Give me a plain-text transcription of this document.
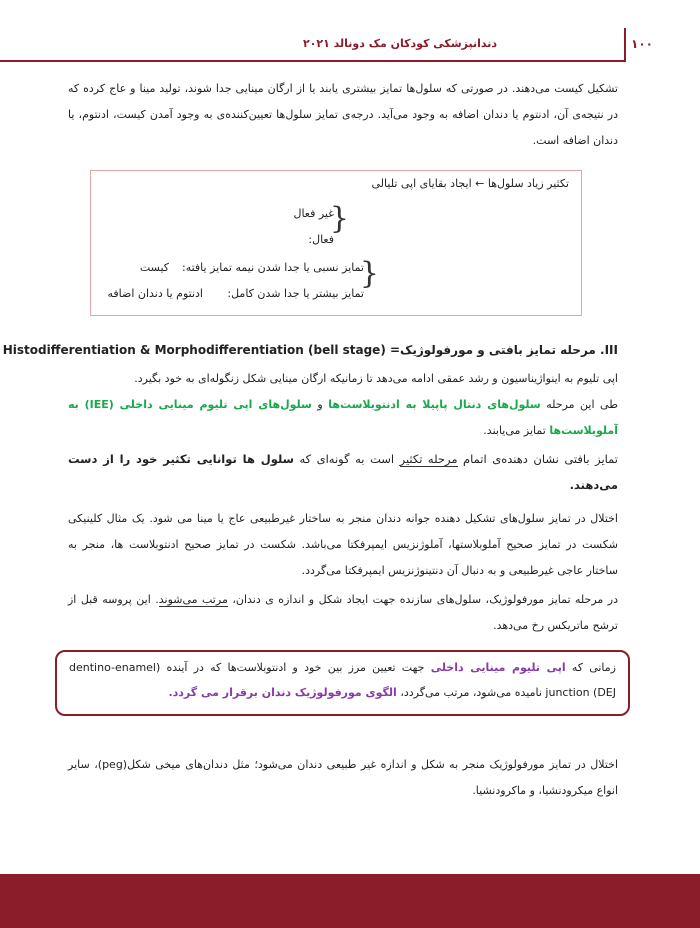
دندانپزشکی کودکان مک دونالد ۲۰۲۱	۱۰۰
تشکیل کیست می‌دهند. در صورتی که سلول‌ها تمایز بیشتری یابند یا از ارگان مینایی جدا شوند، تولید مینا و عاج کرده که در نتیجه‌ی آن، ادنتوم یا دندان اضافه به وجود می‌آید. درجه‌ی تمایز سلول‌ها تعیین‌کننده‌ی به وجود آمدن کیست، ادنتوم، یا دندان اضافه است.
تکثیر زیاد سلول‌ها ← ایجاد بقایای اپی تلیالی
{
غیر فعال
فعال:
{
تمایز نسبی یا جدا شدن نیمه تمایز یافته:
کیست
تمایز بیشتر یا جدا شدن کامل:
ادنتوم یا دندان اضافه
III. مرحله تمایز بافتی و مورفولوژیک= Histodifferentiation & Morphodifferentiation (bell stage)
اپی تلیوم به اینواژیناسیون و رشد عمقی ادامه می‌دهد تا زمانیکه ارگان مینایی شکل زنگوله‌ای به خود بگیرد.
طی این مرحله سلول‌های دنتال پاپیلا به ادنتوبلاست‌ها و سلول‌های اپی تلیوم مینایی داخلی (IEE) به آملوبلاست‌ها تمایز می‌یابند.
تمایز بافتی نشان دهنده‌ی اتمام مرحله تکثیر است به گونه‌ای که سلول ها توانایی تکثیر خود را از دست می‌دهند.
اختلال در تمایز سلول‌های تشکیل دهنده جوانه دندان منجر به ساختار غیرطبیعی عاج یا مینا می شود. یک مثال کلینیکی شکست در تمایز صحیح آملوبلاستها، آملوژنزیس ایمپرفکتا می‌باشد. شکست در تمایز صحیح ادنتوبلاست ها، منجر به ساختار عاجی غیرطبیعی و به دنبال آن دنتینوژنزیس ایمپرفکتا می‌گردد.
در مرحله تمایز مورفولوژیک، سلول‌های سازنده جهت ایجاد شکل و اندازه ی دندان، مرتب می‌شوند. این پروسه قبل از ترشح ماتریکس رخ می‌دهد.
زمانی که اپی تلیوم مینایی داخلی جهت تعیین مرز بین خود و ادنتوبلاست‌ها که در آینده (dentino-enamel junction (DEJ نامیده می‌شود، مرتب می‌گردد، الگوی مورفولوژیک دندان برقرار می گردد.
اختلال در تمایز مورفولوژیک منجر به شکل و اندازه غیر طبیعی دندان می‌شود؛ مثل دندان‌های میخی شکل(peg)، سایر انواع میکرودنشیا، و ماکرودنشیا.
